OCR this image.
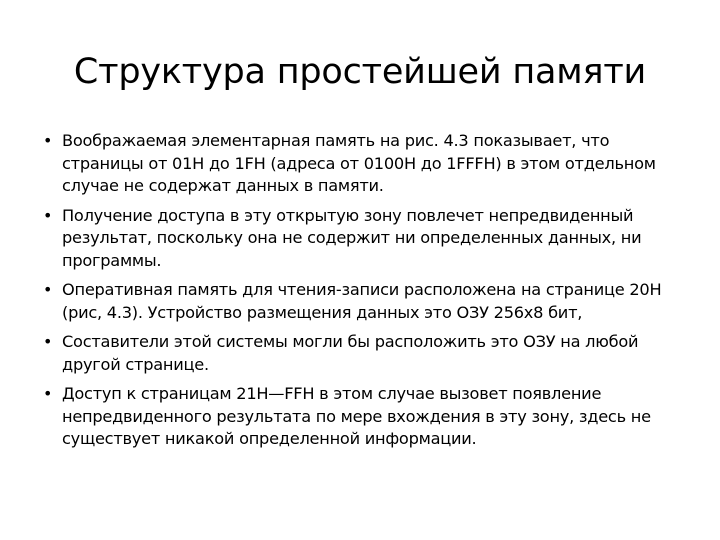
Структура простейшей памяти
• Воображаемая элементарная память на рис. 4.3 показывает, что страницы от 01H до 1FH (адреса от 0100H до 1FFFH) в этом отдельном случае не содержат данных в памяти.
• Получение доступа в эту открытую зону повлечет непредвиденный результат, поскольку она не содержит ни определенных данных, ни программы.
• Оперативная память для чтения-записи расположена на странице 20H (рис, 4.3). Устройство размещения данных это ОЗУ 256x8 бит,
• Составители этой системы могли бы расположить это ОЗУ на любой другой странице.
• Доступ к страницам 21H—FFH в этом случае вызовет появление непредвиденного результата по мере вхождения в эту зону, здесь не существует никакой определенной информации.
